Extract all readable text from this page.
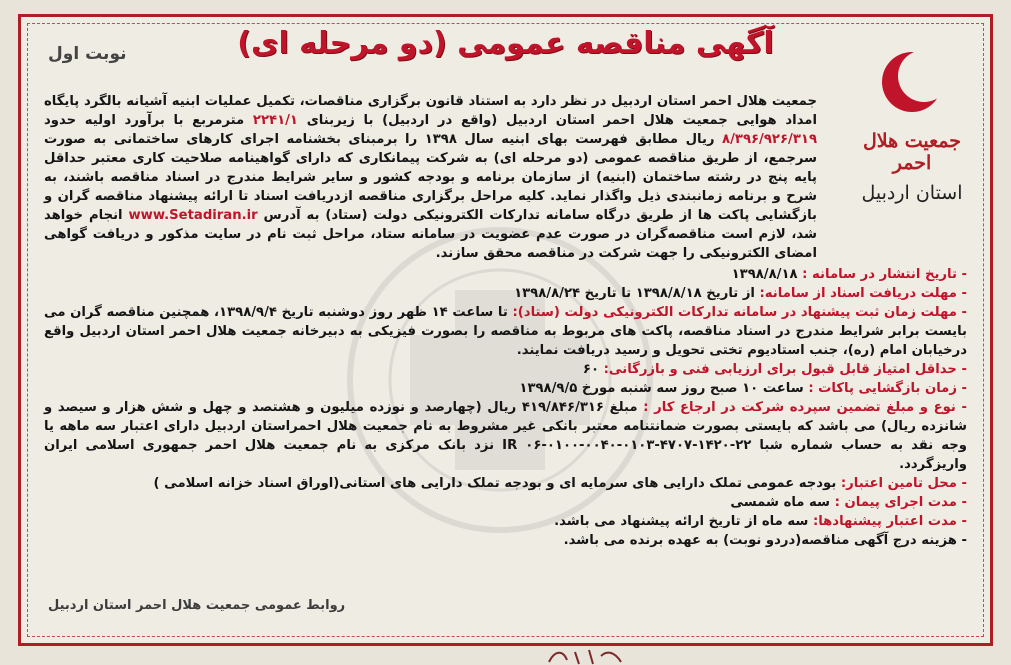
آگهی مناقصه عمومی (دو مرحله ای)
نوبت اول
جمعیت هلال احمر
استان اردبیل
جمعیت هلال احمر استان اردبیل در نظر دارد به استناد قانون برگزاری مناقصات، تکمیل عملیات ابنیه آشیانه بالگرد پایگاه امداد هوایی جمعیت هلال احمر استان اردبیل (واقع در اردبیل) با زیربنای ۲۲۴۱/۱ مترمربع با برآورد اولیه حدود ۸/۳۹۶/۹۲۶/۳۱۹ ریال مطابق فهرست بهای ابنیه سال ۱۳۹۸ را برمبنای بخشنامه اجرای کارهای ساختمانی به صورت سرجمع، از طریق مناقصه عمومی (دو مرحله ای) به شرکت پیمانکاری که دارای گواهینامه صلاحیت کاری معتبر حداقل پایه پنج در رشته ساختمان (ابنیه) از سازمان برنامه و بودجه کشور و سایر شرایط مندرج در اسناد مناقصه باشند، به شرح و برنامه زمانبندی ذیل واگذار نماید. کلیه مراحل برگزاری مناقصه ازدریافت اسناد تا ارائه پیشنهاد مناقصه گران و بازگشایی پاکت ها از طریق درگاه سامانه تدارکات الکترونیکی دولت (ستاد) به آدرس www.Setadiran.ir انجام خواهد شد، لازم است مناقصه‌گران در صورت عدم عضویت در سامانه ستاد، مراحل ثبت نام در سایت مذکور و دریافت گواهی امضای الکترونیکی را جهت شرکت در مناقصه محقق سازند.
- تاریخ انتشار در سامانه : ۱۳۹۸/۸/۱۸
- مهلت دریافت اسناد از سامانه: از تاریخ ۱۳۹۸/۸/۱۸ تا تاریخ ۱۳۹۸/۸/۲۴
- مهلت زمان ثبت پیشنهاد در سامانه تدارکات الکترونیکی دولت (ستاد): تا ساعت ۱۴ ظهر روز دوشنبه تاریخ ۱۳۹۸/۹/۴، همچنین مناقصه گران می بایست برابر شرایط مندرج در اسناد مناقصه، پاکت های مربوط به مناقصه را بصورت فیزیکی به دبیرخانه جمعیت هلال احمر استان اردبیل واقع درخیابان امام (ره)، جنب استادیوم تختی تحویل و رسید دریافت نمایند.
- حداقل امتیاز قابل قبول برای ارزیابی فنی و بازرگانی: ۶۰
- زمان بازگشایی پاکات : ساعت ۱۰ صبح روز سه شنبه مورخ ۱۳۹۸/۹/۵
- نوع و مبلغ تضمین سپرده شرکت در ارجاع کار : مبلغ ۴۱۹/۸۴۶/۳۱۶ ریال (چهارصد و نوزده میلیون و هشتصد و چهل و شش هزار و سیصد و شانزده ریال) می باشد که بایستی بصورت ضمانتنامه معتبر بانکی غیر مشروط به نام جمعیت هلال احمراستان اردبیل دارای اعتبار سه ماهه یا وجه نقد به حساب شماره شبا IR ۰۶-۰۱۰۰-۰۰۴۰-۰۱۰۳-۴۷۰۷-۱۴۲۰-۲۲ نزد بانک مرکزی به نام جمعیت هلال احمر جمهوری اسلامی ایران واریزگردد.
- محل تامین اعتبار: بودجه عمومی تملک دارایی های سرمایه ای و بودجه تملک دارایی های استانی(اوراق اسناد خزانه اسلامی )
- مدت اجرای پیمان : سه ماه شمسی
- مدت اعتبار پیشنهادها: سه ماه از تاریخ ارائه پیشنهاد می باشد.
- هزینه درج آگهی مناقصه(دردو نوبت) به عهده برنده می باشد.
روابط عمومی جمعیت هلال احمر استان اردبیل
